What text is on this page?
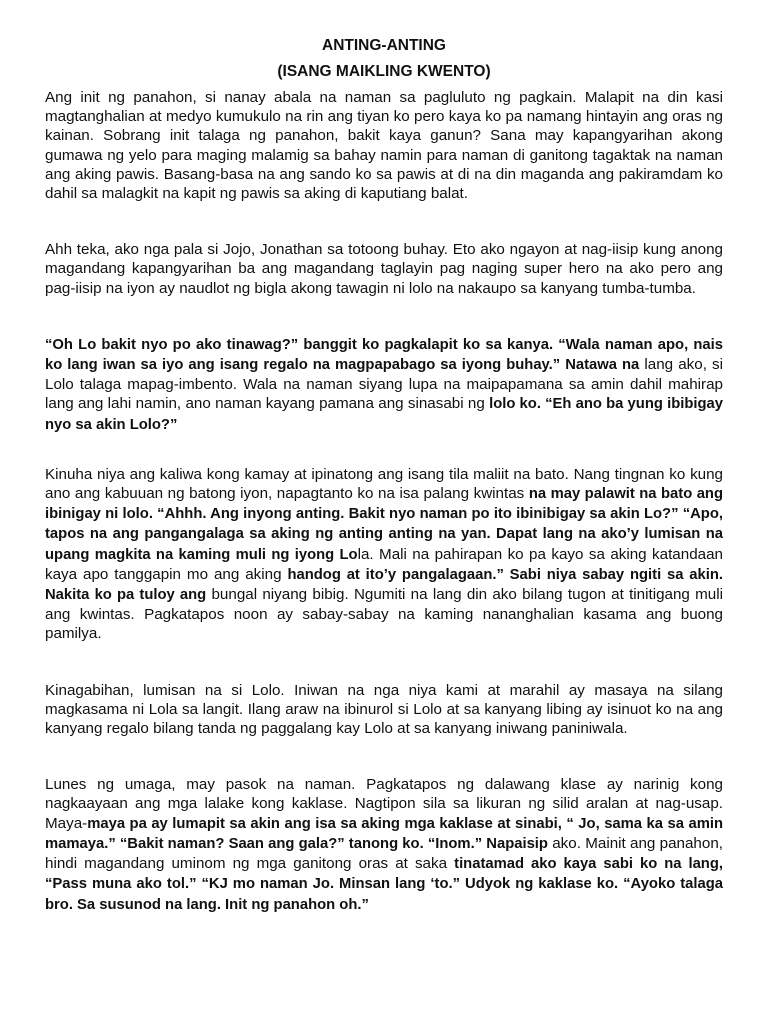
ANTING-ANTING
(ISANG MAIKLING KWENTO)

Ang init ng panahon, si nanay abala na naman sa pagluluto ng pagkain. Malapit na din kasi magtanghalian at medyo kumukulo na rin ang tiyan ko pero kaya ko pa namang hintayin ang oras ng kainan. Sobrang init talaga ng panahon, bakit kaya ganun? Sana may kapangyarihan akong gumawa ng yelo para maging malamig sa bahay namin para naman di ganitong tagaktak na naman ang aking pawis. Basang-basa na ang sando ko sa pawis at di na din maganda ang pakiramdam ko dahil sa malagkit na kapit ng pawis sa aking di kaputiang balat.

Ahh teka, ako nga pala si Jojo, Jonathan sa totoong buhay. Eto ako ngayon at nag-iisip kung anong magandang kapangyarihan ba ang magandang taglayin pag naging super hero na ako pero ang pag-iisip na iyon ay naudlot ng bigla akong tawagin ni lolo na nakaupo sa kanyang tumba-tumba.

“Oh Lo bakit nyo po ako tinawag?” banggit ko pagkalapit ko sa kanya. “Wala naman apo, nais ko lang iwan sa iyo ang isang regalo na magpapabago sa iyong buhay.” Natawa na lang ako, si Lolo talaga mapag-imbento. Wala na naman siyang lupa na maipapamana sa amin dahil mahirap lang ang lahi namin, ano naman kayang pamana ang sinasabi ng lolo ko. “Eh ano ba yung ibibigay nyo sa akin Lolo?”

Kinuha niya ang kaliwa kong kamay at ipinatong ang isang tila maliit na bato. Nang tingnan ko kung ano ang kabuuan ng batong iyon, napagtanto ko na isa palang kwintas na may palawit na bato ang ibinigay ni lolo. “Ahhh. Ang inyong anting. Bakit nyo naman po ito ibinibigay sa akin Lo?” “Apo, tapos na ang pangangalaga sa aking ng anting anting na yan. Dapat lang na ako’y lumisan na upang magkita na kaming muli ng iyong Lola. Mali na pahirapan ko pa kayo sa aking katandaan kaya apo tanggapin mo ang aking handog at ito’y pangalagaan.” Sabi niya sabay ngiti sa akin. Nakita ko pa tuloy ang bungal niyang bibig. Ngumiti na lang din ako bilang tugon at tinitigang muli ang kwintas. Pagkatapos noon ay sabay-sabay na kaming nananghalian kasama ang buong pamilya.

Kinagabihan, lumisan na si Lolo. Iniwan na nga niya kami at marahil ay masaya na silang magkasama ni Lola sa langit. Ilang araw na ibinurol si Lolo at sa kanyang libing ay isinuot ko na ang kanyang regalo bilang tanda ng paggalang kay Lolo at sa kanyang iniwang paniniwala.

Lunes ng umaga, may pasok na naman. Pagkatapos ng dalawang klase ay narinig kong nagkaayaan ang mga lalake kong kaklase. Nagtipon sila sa likuran ng silid aralan at nag-usap. Maya-maya pa ay lumapit sa akin ang isa sa aking mga kaklase at sinabi, “ Jo, sama ka sa amin mamaya.” “Bakit naman? Saan ang gala?” tanong ko. “Inom.” Napaisip ako. Mainit ang panahon, hindi magandang uminom ng mga ganitong oras at saka tinatamad ako kaya sabi ko na lang, “Pass muna ako tol.” “KJ mo naman Jo. Minsan lang ‘to.” Udyok ng kaklase ko. “Ayoko talaga bro. Sa susunod na lang. Init ng panahon oh.”
